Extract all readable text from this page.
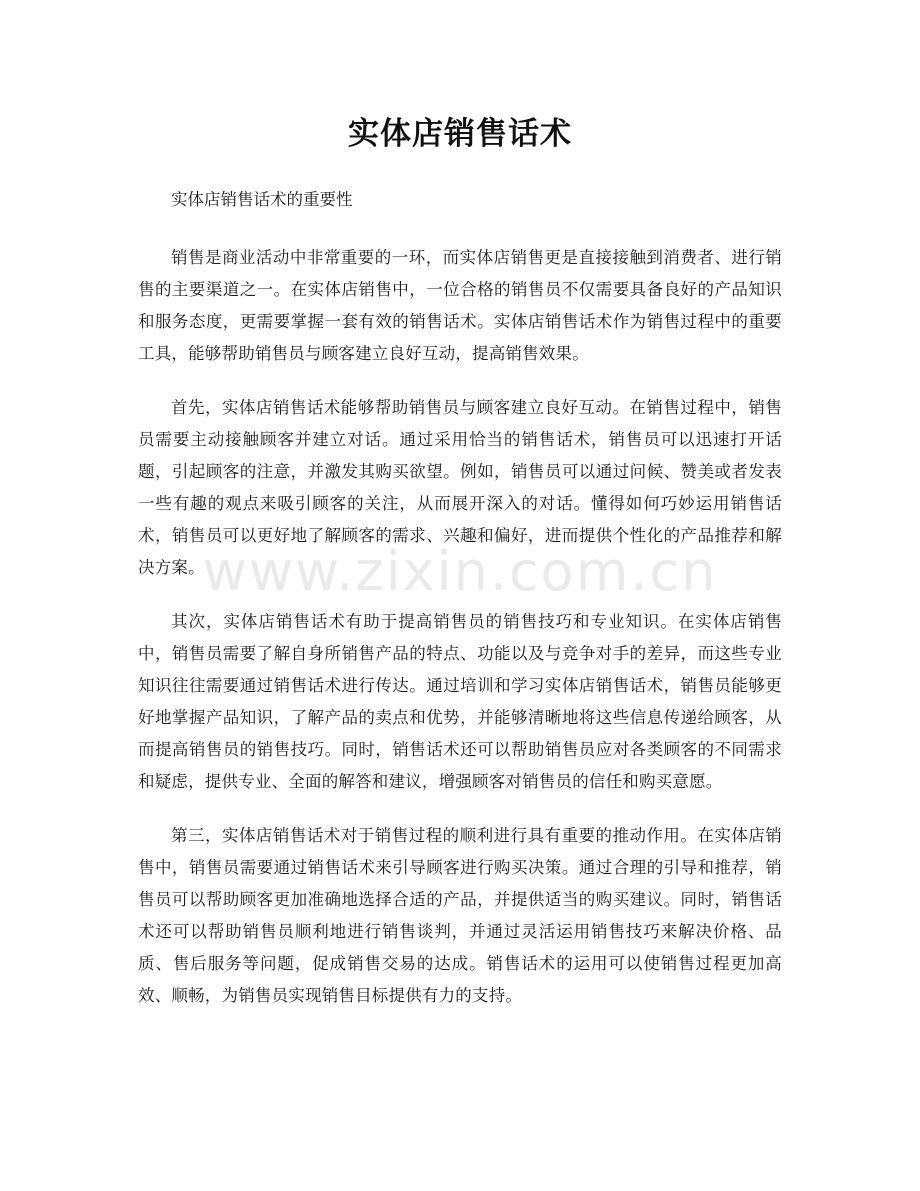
实体店销售话术

实体店销售话术的重要性

销售是商业活动中非常重要的一环，而实体店销售更是直接接触到消费者、进行销售的主要渠道之一。在实体店销售中，一位合格的销售员不仅需要具备良好的产品知识和服务态度，更需要掌握一套有效的销售话术。实体店销售话术作为销售过程中的重要工具，能够帮助销售员与顾客建立良好互动，提高销售效果。

首先，实体店销售话术能够帮助销售员与顾客建立良好互动。在销售过程中，销售员需要主动接触顾客并建立对话。通过采用恰当的销售话术，销售员可以迅速打开话题，引起顾客的注意，并激发其购买欲望。例如，销售员可以通过问候、赞美或者发表一些有趣的观点来吸引顾客的关注，从而展开深入的对话。懂得如何巧妙运用销售话术，销售员可以更好地了解顾客的需求、兴趣和偏好，进而提供个性化的产品推荐和解决方案。

其次，实体店销售话术有助于提高销售员的销售技巧和专业知识。在实体店销售中，销售员需要了解自身所销售产品的特点、功能以及与竞争对手的差异，而这些专业知识往往需要通过销售话术进行传达。通过培训和学习实体店销售话术，销售员能够更好地掌握产品知识，了解产品的卖点和优势，并能够清晰地将这些信息传递给顾客，从而提高销售员的销售技巧。同时，销售话术还可以帮助销售员应对各类顾客的不同需求和疑虑，提供专业、全面的解答和建议，增强顾客对销售员的信任和购买意愿。

第三，实体店销售话术对于销售过程的顺利进行具有重要的推动作用。在实体店销售中，销售员需要通过销售话术来引导顾客进行购买决策。通过合理的引导和推荐，销售员可以帮助顾客更加准确地选择合适的产品，并提供适当的购买建议。同时，销售话术还可以帮助销售员顺利地进行销售谈判，并通过灵活运用销售技巧来解决价格、品质、售后服务等问题，促成销售交易的达成。销售话术的运用可以使销售过程更加高效、顺畅，为销售员实现销售目标提供有力的支持。

www.zixin.com.cn
